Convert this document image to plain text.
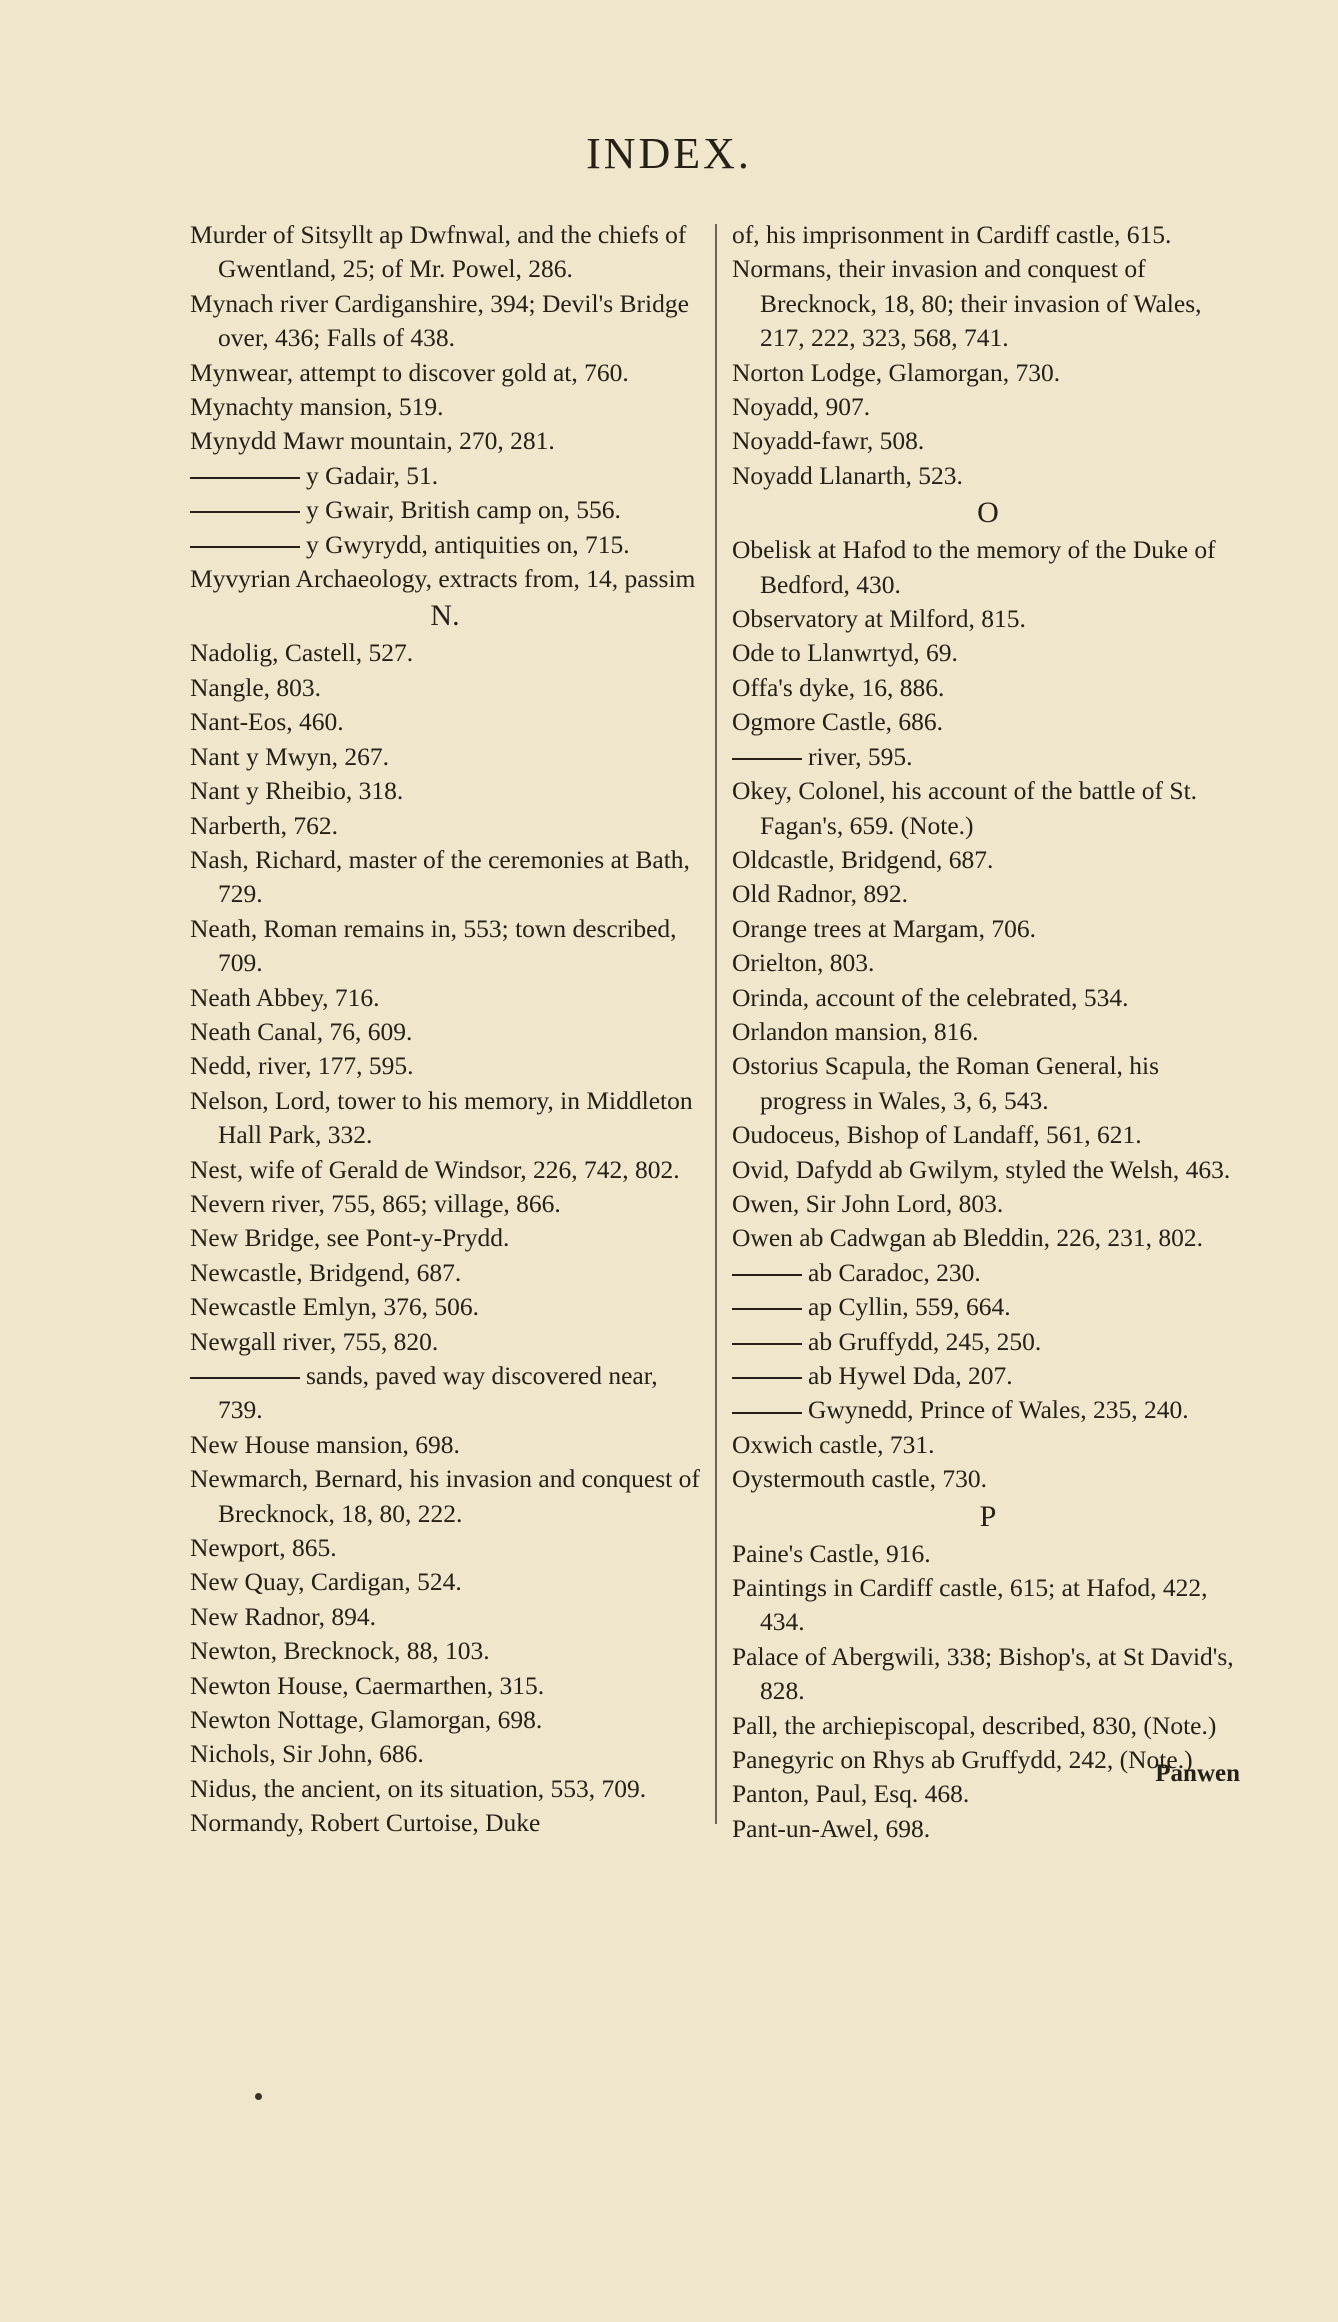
INDEX.

Murder of Sitsyllt ap Dwfnwal, and the chiefs of Gwentland, 25; of Mr. Powel, 286.

Mynach river Cardiganshire, 394; Devil's Bridge over, 436; Falls of 438.

Mynwear, attempt to discover gold at, 760.

Mynachty mansion, 519.

Mynydd Mawr mountain, 270, 281.

y Gadair, 51.

y Gwair, British camp on, 556.

y Gwyrydd, antiquities on, 715.

Myvyrian Archaeology, extracts from, 14, passim

N.

Nadolig, Castell, 527.

Nangle, 803.

Nant-Eos, 460.

Nant y Mwyn, 267.

Nant y Rheibio, 318.

Narberth, 762.

Nash, Richard, master of the ceremonies at Bath, 729.

Neath, Roman remains in, 553; town described, 709.

Neath Abbey, 716.

Neath Canal, 76, 609.

Nedd, river, 177, 595.

Nelson, Lord, tower to his memory, in Middleton Hall Park, 332.

Nest, wife of Gerald de Windsor, 226, 742, 802.

Nevern river, 755, 865; village, 866.

New Bridge, see Pont-y-Prydd.

Newcastle, Bridgend, 687.

Newcastle Emlyn, 376, 506.

Newgall river, 755, 820.

sands, paved way discovered near, 739.

New House mansion, 698.

Newmarch, Bernard, his invasion and conquest of Brecknock, 18, 80, 222.

Newport, 865.

New Quay, Cardigan, 524.

New Radnor, 894.

Newton, Brecknock, 88, 103.

Newton House, Caermarthen, 315.

Newton Nottage, Glamorgan, 698.

Nichols, Sir John, 686.

Nidus, the ancient, on its situation, 553, 709.

Normandy, Robert Curtoise, Duke

of, his imprisonment in Cardiff castle, 615.

Normans, their invasion and conquest of Brecknock, 18, 80; their invasion of Wales, 217, 222, 323, 568, 741.

Norton Lodge, Glamorgan, 730.

Noyadd, 907.

Noyadd-fawr, 508.

Noyadd Llanarth, 523.

O

Obelisk at Hafod to the memory of the Duke of Bedford, 430.

Observatory at Milford, 815.

Ode to Llanwrtyd, 69.

Offa's dyke, 16, 886.

Ogmore Castle, 686.

river, 595.

Okey, Colonel, his account of the battle of St. Fagan's, 659. (Note.)

Oldcastle, Bridgend, 687.

Old Radnor, 892.

Orange trees at Margam, 706.

Orielton, 803.

Orinda, account of the celebrated, 534.

Orlandon mansion, 816.

Ostorius Scapula, the Roman General, his progress in Wales, 3, 6, 543.

Oudoceus, Bishop of Landaff, 561, 621.

Ovid, Dafydd ab Gwilym, styled the Welsh, 463.

Owen, Sir John Lord, 803.

Owen ab Cadwgan ab Bleddin, 226, 231, 802.

ab Caradoc, 230.

ap Cyllin, 559, 664.

ab Gruffydd, 245, 250.

ab Hywel Dda, 207.

Gwynedd, Prince of Wales, 235, 240.

Oxwich castle, 731.

Oystermouth castle, 730.

P

Paine's Castle, 916.

Paintings in Cardiff castle, 615; at Hafod, 422, 434.

Palace of Abergwili, 338; Bishop's, at St David's, 828.

Pall, the archiepiscopal, described, 830, (Note.)

Panegyric on Rhys ab Gruffydd, 242, (Note.)

Panton, Paul, Esq. 468.

Pant-un-Awel, 698.

Panwen
